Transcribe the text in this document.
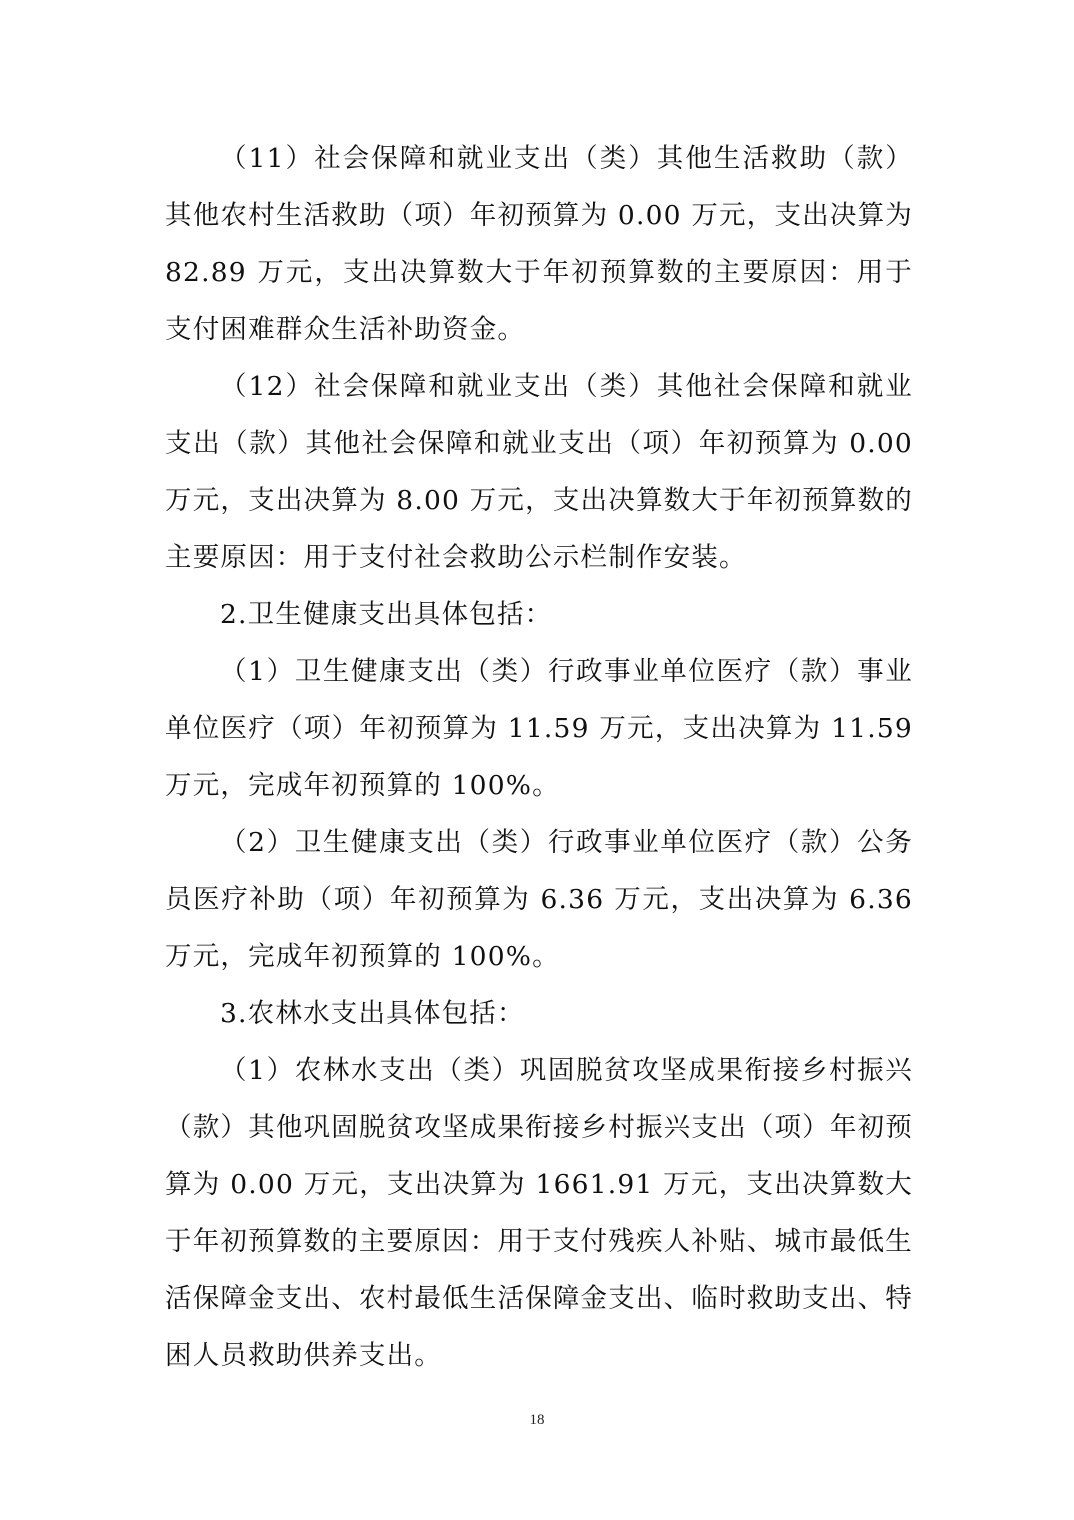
（11）社会保障和就业支出（类）其他生活救助（款）其他农村生活救助（项）年初预算为 0.00 万元，支出决算为 82.89 万元，支出决算数大于年初预算数的主要原因：用于支付困难群众生活补助资金。

（12）社会保障和就业支出（类）其他社会保障和就业支出（款）其他社会保障和就业支出（项）年初预算为 0.00 万元，支出决算为 8.00 万元，支出决算数大于年初预算数的主要原因：用于支付社会救助公示栏制作安装。

2.卫生健康支出具体包括：

（1）卫生健康支出（类）行政事业单位医疗（款）事业单位医疗（项）年初预算为 11.59 万元，支出决算为 11.59 万元，完成年初预算的 100%。

（2）卫生健康支出（类）行政事业单位医疗（款）公务员医疗补助（项）年初预算为 6.36 万元，支出决算为 6.36 万元，完成年初预算的 100%。

3.农林水支出具体包括：

（1）农林水支出（类）巩固脱贫攻坚成果衔接乡村振兴（款）其他巩固脱贫攻坚成果衔接乡村振兴支出（项）年初预算为 0.00 万元，支出决算为 1661.91 万元，支出决算数大于年初预算数的主要原因：用于支付残疾人补贴、城市最低生活保障金支出、农村最低生活保障金支出、临时救助支出、特困人员救助供养支出。

18
